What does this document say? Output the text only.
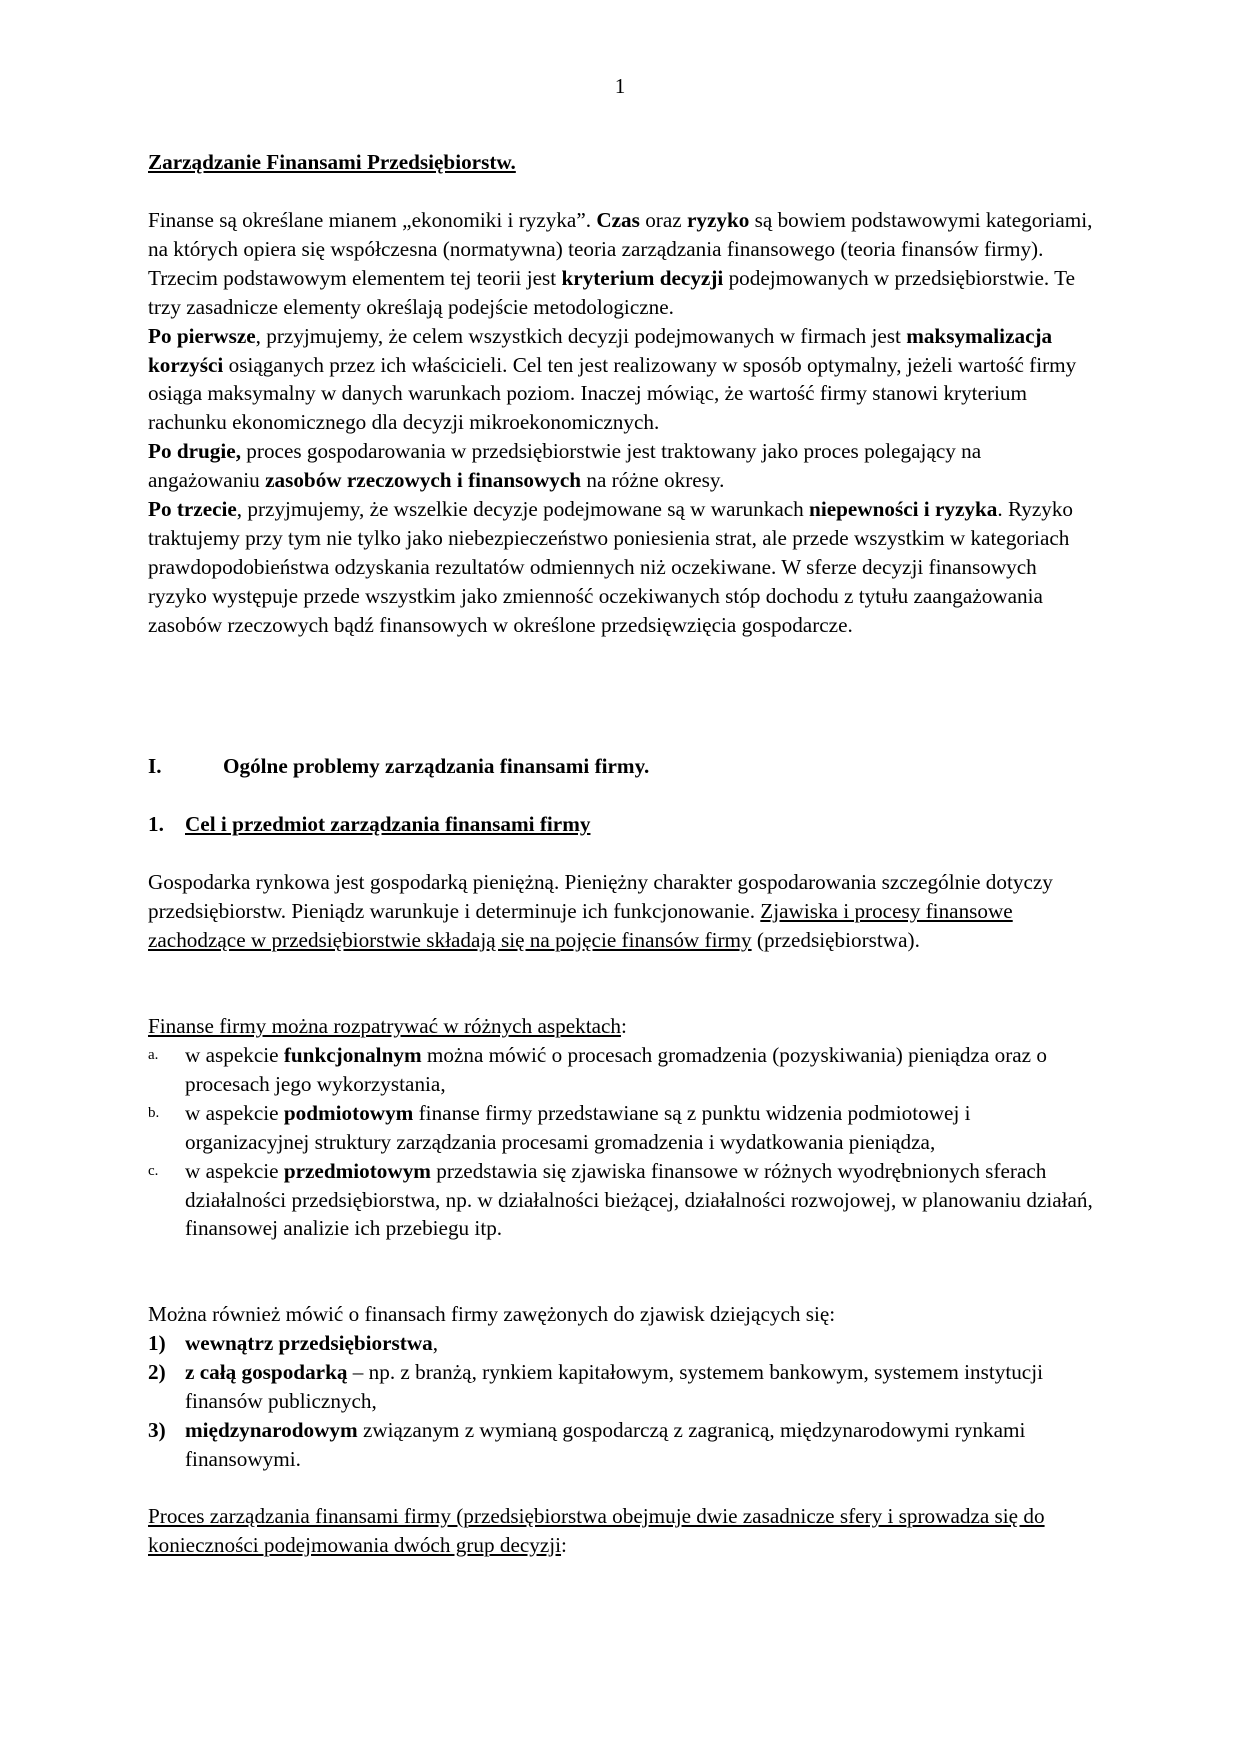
1
Zarządzanie Finansami Przedsiębiorstw.

Finanse są określane mianem „ekonomiki i ryzyka”. Czas oraz ryzyko są bowiem podstawowymi kategoriami, na których opiera się współczesna (normatywna) teoria zarządzania finansowego (teoria finansów firmy). Trzecim podstawowym elementem tej teorii jest kryterium decyzji podejmowanych w przedsiębiorstwie. Te trzy zasadnicze elementy określają podejście metodologiczne.

Po pierwsze, przyjmujemy, że celem wszystkich decyzji podejmowanych w firmach jest maksymalizacja korzyści osiąganych przez ich właścicieli. Cel ten jest realizowany w sposób optymalny, jeżeli wartość firmy osiąga maksymalny w danych warunkach poziom. Inaczej mówiąc, że wartość firmy stanowi kryterium rachunku ekonomicznego dla decyzji mikroekonomicznych.

Po drugie, proces gospodarowania w przedsiębiorstwie jest traktowany jako proces polegający na angażowaniu zasobów rzeczowych i finansowych na różne okresy.

Po trzecie, przyjmujemy, że wszelkie decyzje podejmowane są w warunkach niepewności i ryzyka. Ryzyko traktujemy przy tym nie tylko jako niebezpieczeństwo poniesienia strat, ale przede wszystkim w kategoriach prawdopodobieństwa odzyskania rezultatów odmiennych niż oczekiwane. W sferze decyzji finansowych ryzyko występuje przede wszystkim jako zmienność oczekiwanych stóp dochodu z tytułu zaangażowania zasobów rzeczowych bądź finansowych w określone przedsięwzięcia gospodarcze.

I.	Ogólne problemy zarządzania finansami firmy.
1. Cel i przedmiot zarządzania finansami firmy

Gospodarka rynkowa jest gospodarką pieniężną. Pieniężny charakter gospodarowania szczególnie dotyczy przedsiębiorstw. Pieniądz warunkuje i determinuje ich funkcjonowanie. Zjawiska i procesy finansowe zachodzące w przedsiębiorstwie składają się na pojęcie finansów firmy (przedsiębiorstwa).

Finanse firmy można rozpatrywać w różnych aspektach:

a. w aspekcie funkcjonalnym można mówić o procesach gromadzenia (pozyskiwania) pieniądza oraz o procesach jego wykorzystania,
b. w aspekcie podmiotowym finanse firmy przedstawiane są z punktu widzenia podmiotowej i organizacyjnej struktury zarządzania procesami gromadzenia i wydatkowania pieniądza,
c. w aspekcie przedmiotowym przedstawia się zjawiska finansowe w różnych wyodrębnionych sferach działalności przedsiębiorstwa, np. w działalności bieżącej, działalności rozwojowej, w planowaniu działań, finansowej analizie ich przebiegu itp.

Można również mówić o finansach firmy zawężonych do zjawisk dziejących się:

1) wewnątrz przedsiębiorstwa,
2) z całą gospodarką – np. z branżą, rynkiem kapitałowym, systemem bankowym, systemem instytucji finansów publicznych,
3) międzynarodowym związanym z wymianą gospodarczą z zagranicą, międzynarodowymi rynkami finansowymi.

Proces zarządzania finansami firmy (przedsiębiorstwa obejmuje dwie zasadnicze sfery i sprowadza się do konieczności podejmowania dwóch grup decyzji:
